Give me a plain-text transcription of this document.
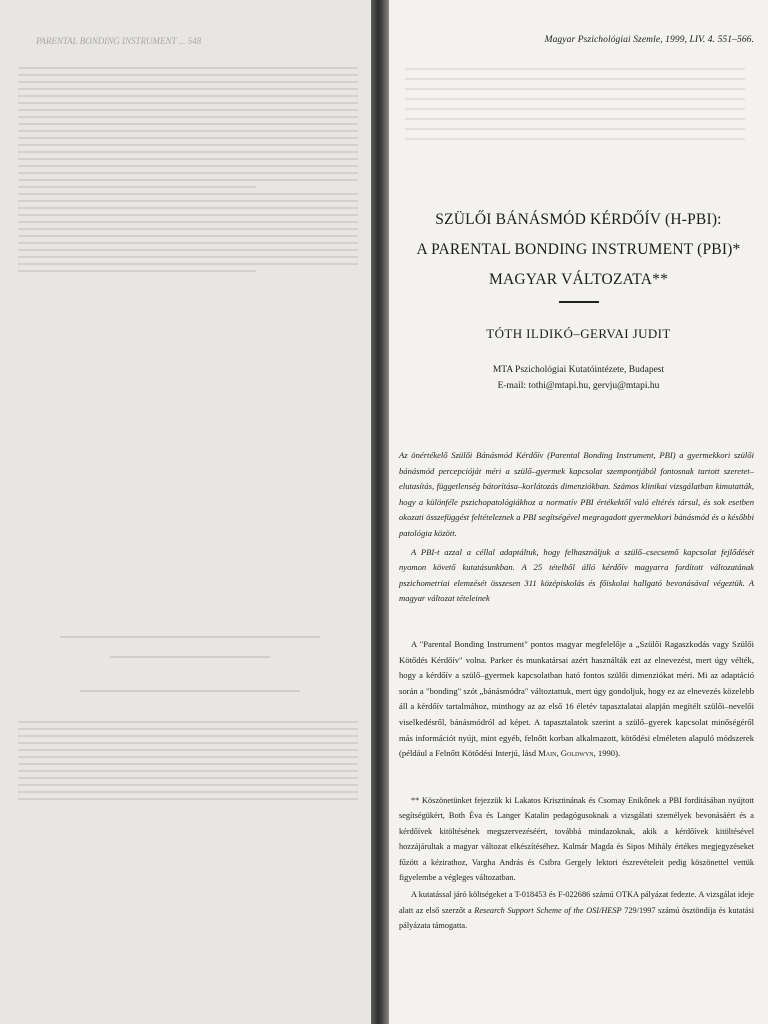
PARENTAL BONDING INSTRUMENT ... 548	Magyar Pszichológiai Szemle, 1999, LIV. 4. 551–566.
SZÜLŐI BÁNÁSMÓD KÉRDŐÍV (H-PBI):
A PARENTAL BONDING INSTRUMENT (PBI)*
MAGYAR VÁLTOZATA**
TÓTH ILDIKÓ–GERVAI JUDIT
MTA Pszichológiai Kutatóintézete, Budapest
E-mail: tothi@mtapi.hu, gervju@mtapi.hu

Az önértékelő Szülői Bánásmód Kérdőív (Parental Bonding Instrument, PBI) a gyermekkori szülői bánásmód percepcióját méri a szülő–gyermek kapcsolat szempontjából fontosnak tartott szeretet–elutasítás, függetlenség bátorítása–korlátozás dimenziókban. Számos klinikai vizsgálatban kimutatták, hogy a különféle pszichopatológiákhoz a normatív PBI értékektől való eltérés társul, és sok esetben okozati összefüggést feltételeznek a PBI segítségével megragadott gyermekkori bánásmód és a későbbi patológia között.

A PBI-t azzal a céllal adaptáltuk, hogy felhasználjuk a szülő–csecsemő kapcsolat fejlődését nyomon követő kutatásunkban. A 25 tételből álló kérdőív magyarra fordított változatának pszichometriai elemzését összesen 311 középiskolás és főiskolai hallgató bevonásával végeztük. A magyar változat tételeinek

A "Parental Bonding Instrument" pontos magyar megfelelője a „Szülői Ragaszkodás vagy Szülői Kötődés Kérdőív" volna. Parker és munkatársai azért használták ezt az elnevezést, mert úgy vélték, hogy a kérdőív a szülő–gyermek kapcsolatban ható fontos szülői dimenziókat méri. Mi az adaptáció során a "bonding" szót „bánásmódra" változtattuk, mert úgy gondoljuk, hogy ez az elnevezés közelebb áll a kérdőív tartalmához, minthogy az az első 16 életév tapasztalatai alapján megítélt szülői–nevelői viselkedésről, bánásmódról ad képet. A tapasztalatok szerint a szülő–gyerek kapcsolat minőségéről más információt nyújt, mint egyéb, felnőtt korban alkalmazott, kötődési elméleten alapuló módszerek (például a Felnőtt Kötődési Interjú, lásd Main, Goldwyn, 1990).

** Köszönetünket fejezzük ki Lakatos Krisztinának és Csomay Enikőnek a PBI fordításában nyújtott segítségükért, Both Éva és Langer Katalin pedagógusoknak a vizsgálati személyek bevonásáért és a kérdőívek kitöltésének megszervezéséért, továbbá mindazoknak, akik a kérdőívek kitöltésével hozzájárultak a magyar változat elkészítéséhez. Kalmár Magda és Sipos Mihály értékes megjegyzéseket fűzött a kézirathoz, Vargha András és Csibra Gergely lektori észrevételeit pedig köszönettel vettük figyelembe a végleges változatban.

A kutatással járó költségeket a T-018453 és F-022686 számú OTKA pályázat fedezte. A vizsgálat ideje alatt az első szerzőt a Research Support Scheme of the OSI/HESP 729/1997 számú ösztöndíja és kutatási pályázata támogatta.
